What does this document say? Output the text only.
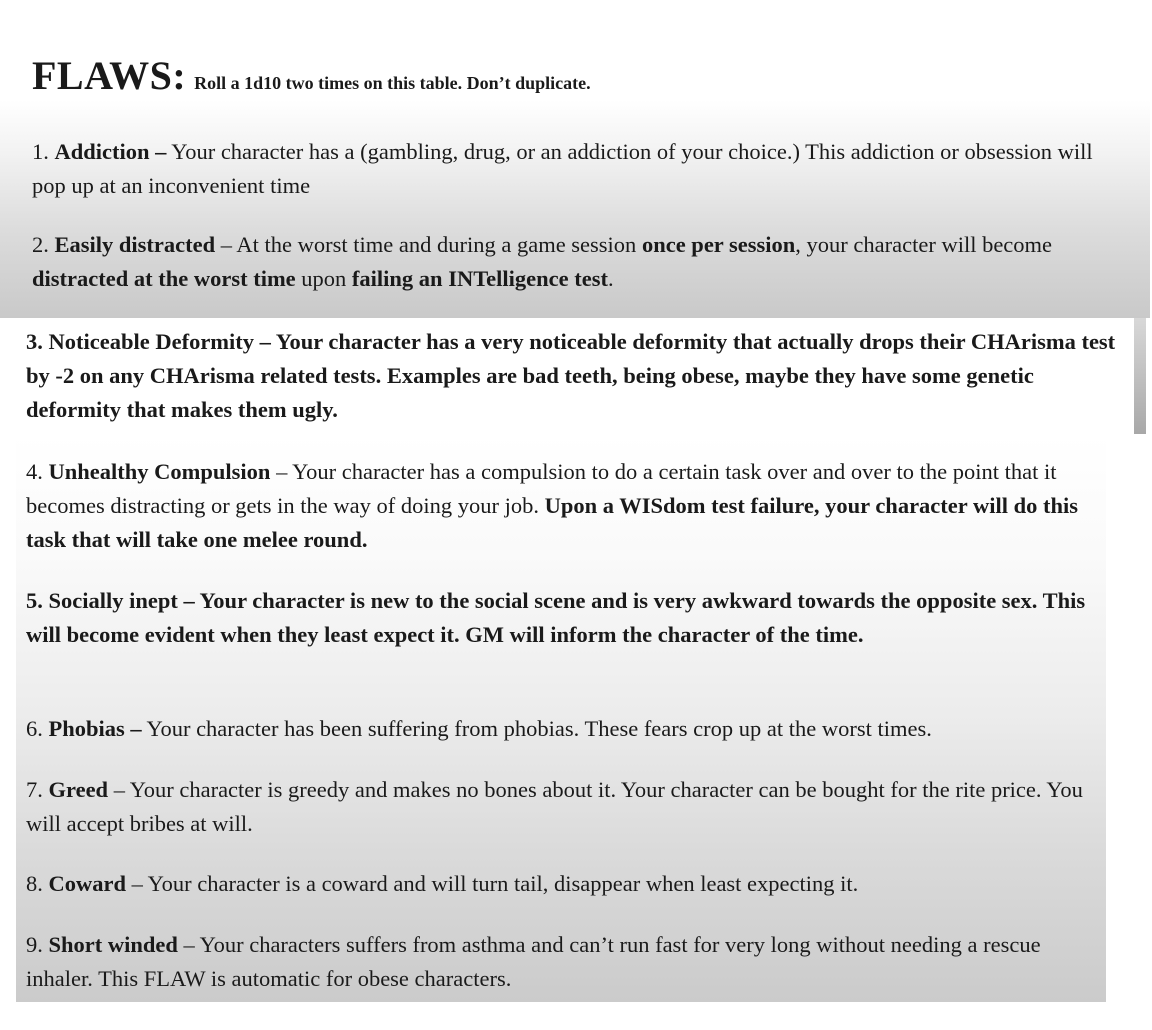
FLAWS: Roll a 1d10 two times on this table. Don’t duplicate.

1. Addiction – Your character has a (gambling, drug, or an addiction of your choice.) This addiction or obsession will pop up at an inconvenient time

2. Easily distracted – At the worst time and during a game session once per session, your character will become distracted at the worst time upon failing an INTelligence test.

3. Noticeable Deformity – Your character has a very noticeable deformity that actually drops their CHArisma test by -2 on any CHArisma related tests. Examples are bad teeth, being obese, maybe they have some genetic deformity that makes them ugly.

4. Unhealthy Compulsion – Your character has a compulsion to do a certain task over and over to the point that it becomes distracting or gets in the way of doing your job. Upon a WISdom test failure, your character will do this task that will take one melee round.

5. Socially inept – Your character is new to the social scene and is very awkward towards the opposite sex. This will become evident when they least expect it. GM will inform the character of the time.

6. Phobias – Your character has been suffering from phobias. These fears crop up at the worst times.

7. Greed – Your character is greedy and makes no bones about it. Your character can be bought for the rite price. You will accept bribes at will.

8. Coward – Your character is a coward and will turn tail, disappear when least expecting it.

9. Short winded – Your characters suffers from asthma and can’t run fast for very long without needing a rescue inhaler. This FLAW is automatic for obese characters.
